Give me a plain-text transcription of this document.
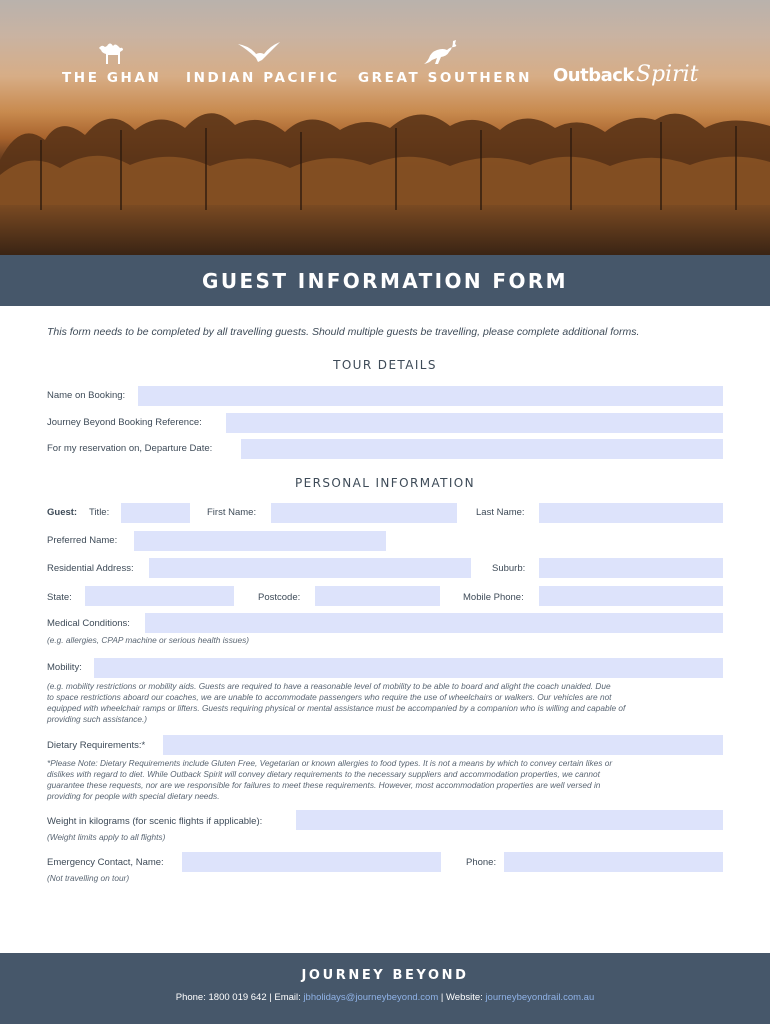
THE GHAN INDIAN PACIFIC GREAT SOUTHERN OutbackSpirit
GUEST INFORMATION FORM
This form needs to be completed by all travelling guests. Should multiple guests be travelling, please complete additional forms.
TOUR DETAILS
Name on Booking:
Journey Beyond Booking Reference:
For my reservation on, Departure Date:
PERSONAL INFORMATION
Guest: Title:	First Name:	Last Name:
Preferred Name:
Residential Address:	Suburb:
State:	Postcode:	Mobile Phone:
Medical Conditions:
(e.g. allergies, CPAP machine or serious health issues)
Mobility:
(e.g. mobility restrictions or mobility aids. Guests are required to have a reasonable level of mobility to be able to board and alight the coach unaided. Due
to space restrictions aboard our coaches, we are unable to accommodate passengers who require the use of wheelchairs or walkers. Our vehicles are not
equipped with wheelchair ramps or lifters. Guests requiring physical or mental assistance must be accompanied by a companion who is willing and capable of
providing such assistance.)
Dietary Requirements:*
*Please Note: Dietary Requirements include Gluten Free, Vegetarian or known allergies to food types. It is not a means by which to convey certain likes or
dislikes with regard to diet. While Outback Spirit will convey dietary requirements to the necessary suppliers and accommodation properties, we cannot
guarantee these requests, nor are we responsible for failures to meet these requirements. However, most accommodation properties are well versed in
providing for people with special dietary needs.
Weight in kilograms (for scenic flights if applicable):
(Weight limits apply to all flights)
Emergency Contact, Name:	Phone:
(Not travelling on tour)
JOURNEY BEYOND
Phone: 1800 019 642 | Email: jbholidays@journeybeyond.com | Website: journeybeyondrail.com.au
